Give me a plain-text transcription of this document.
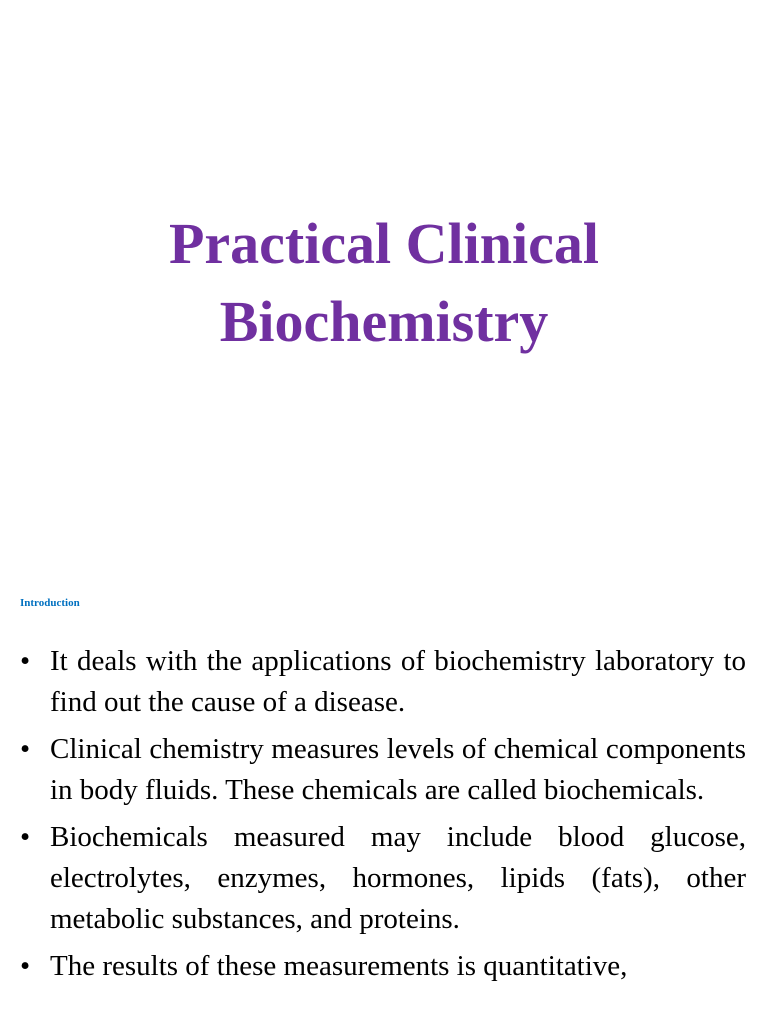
Practical Clinical
Biochemistry
Introduction
• It deals with the applications of biochemistry laboratory to find out the cause of a disease.
• Clinical chemistry measures levels of chemical components in body fluids. These chemicals are called biochemicals.
• Biochemicals measured may include blood glucose, electrolytes, enzymes, hormones, lipids (fats), other metabolic substances, and proteins.
• The results of these measurements is quantitative,
